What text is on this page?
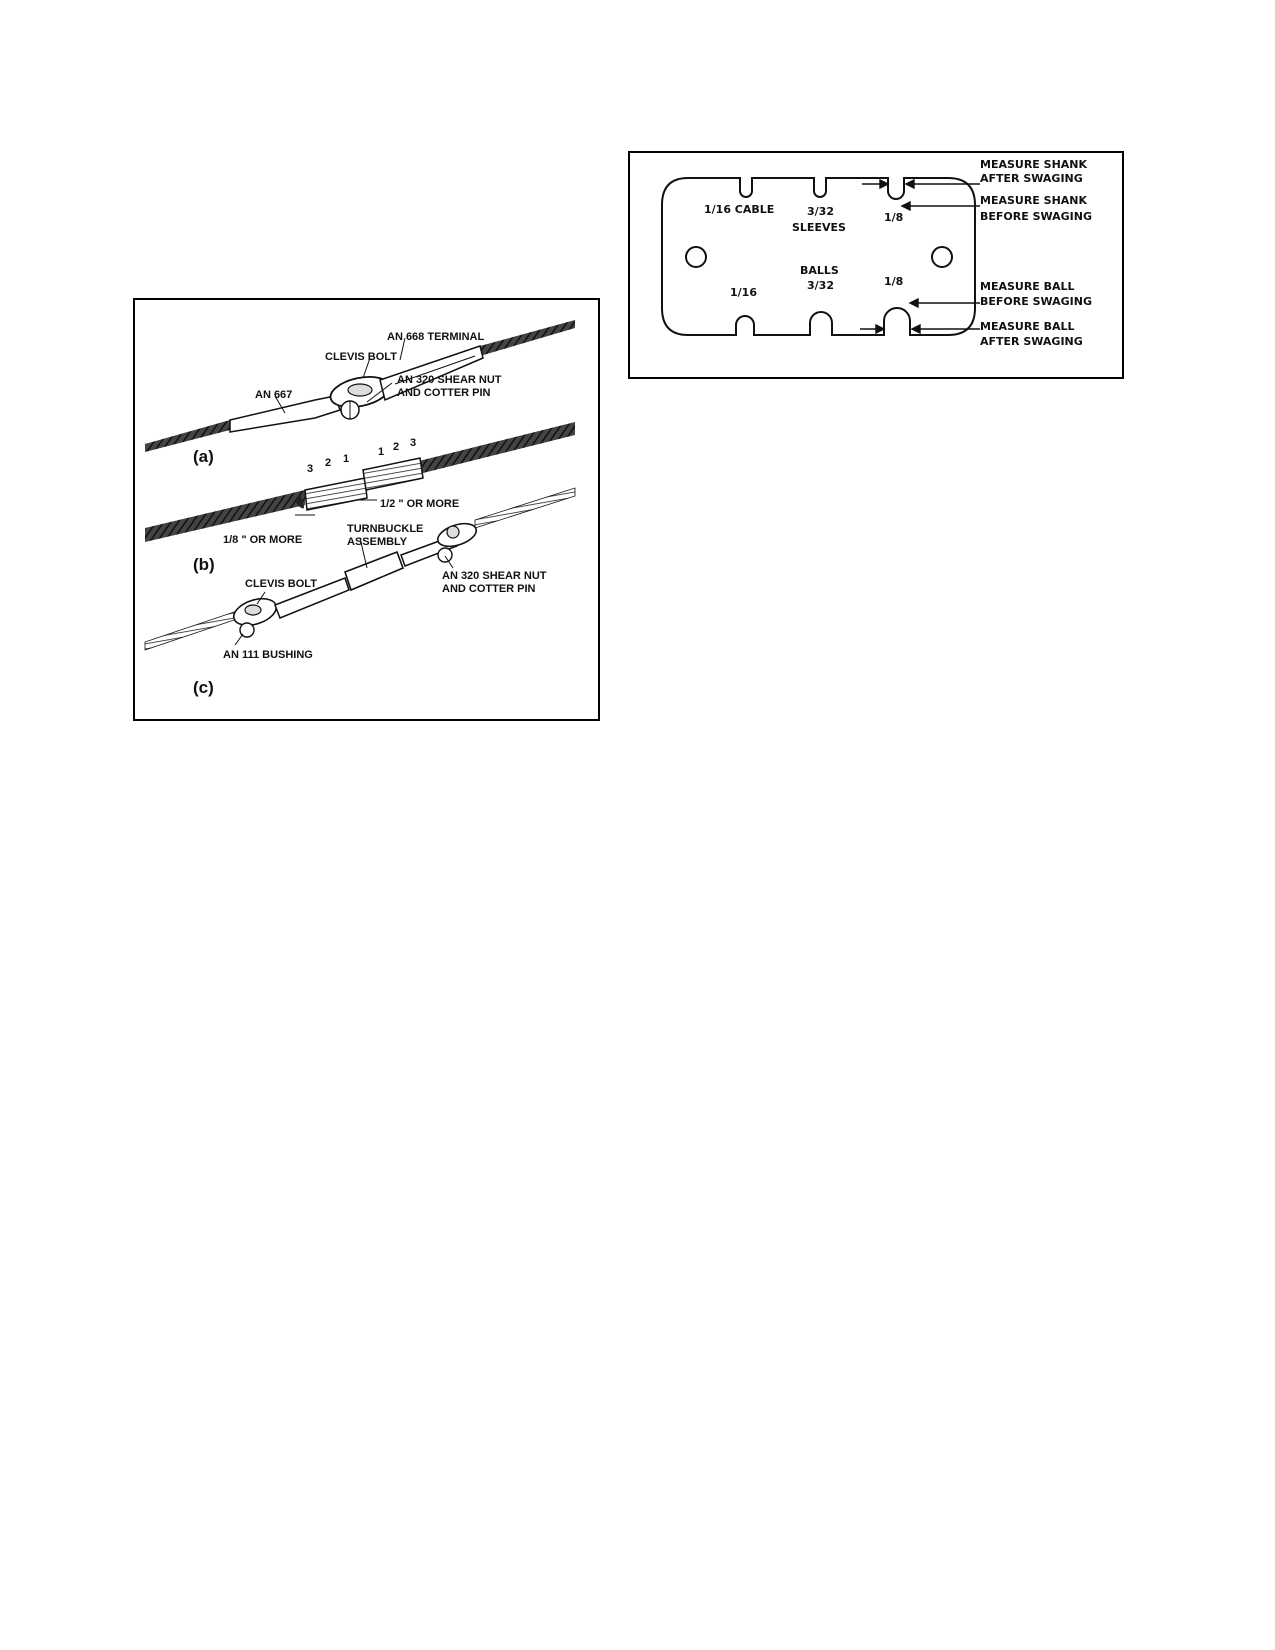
AN 668 TERMINAL
CLEVIS BOLT
AN 667
AN 320 SHEAR NUT
AND COTTER PIN
(a)
3 2 1
1 2 3
1/2 " OR MORE
1/8 " OR MORE
(b)
TURNBUCKLE
ASSEMBLY
AN 320 SHEAR NUT
AND COTTER PIN
CLEVIS BOLT
AN 111 BUSHING
(c)
1/16 CABLE	3/32
SLEEVES
1/8
BALLS
1/16
3/32	1/8
MEASURE SHANK
AFTER SWAGING
MEASURE SHANK
BEFORE SWAGING
MEASURE BALL
BEFORE SWAGING
MEASURE BALL
AFTER SWAGING
